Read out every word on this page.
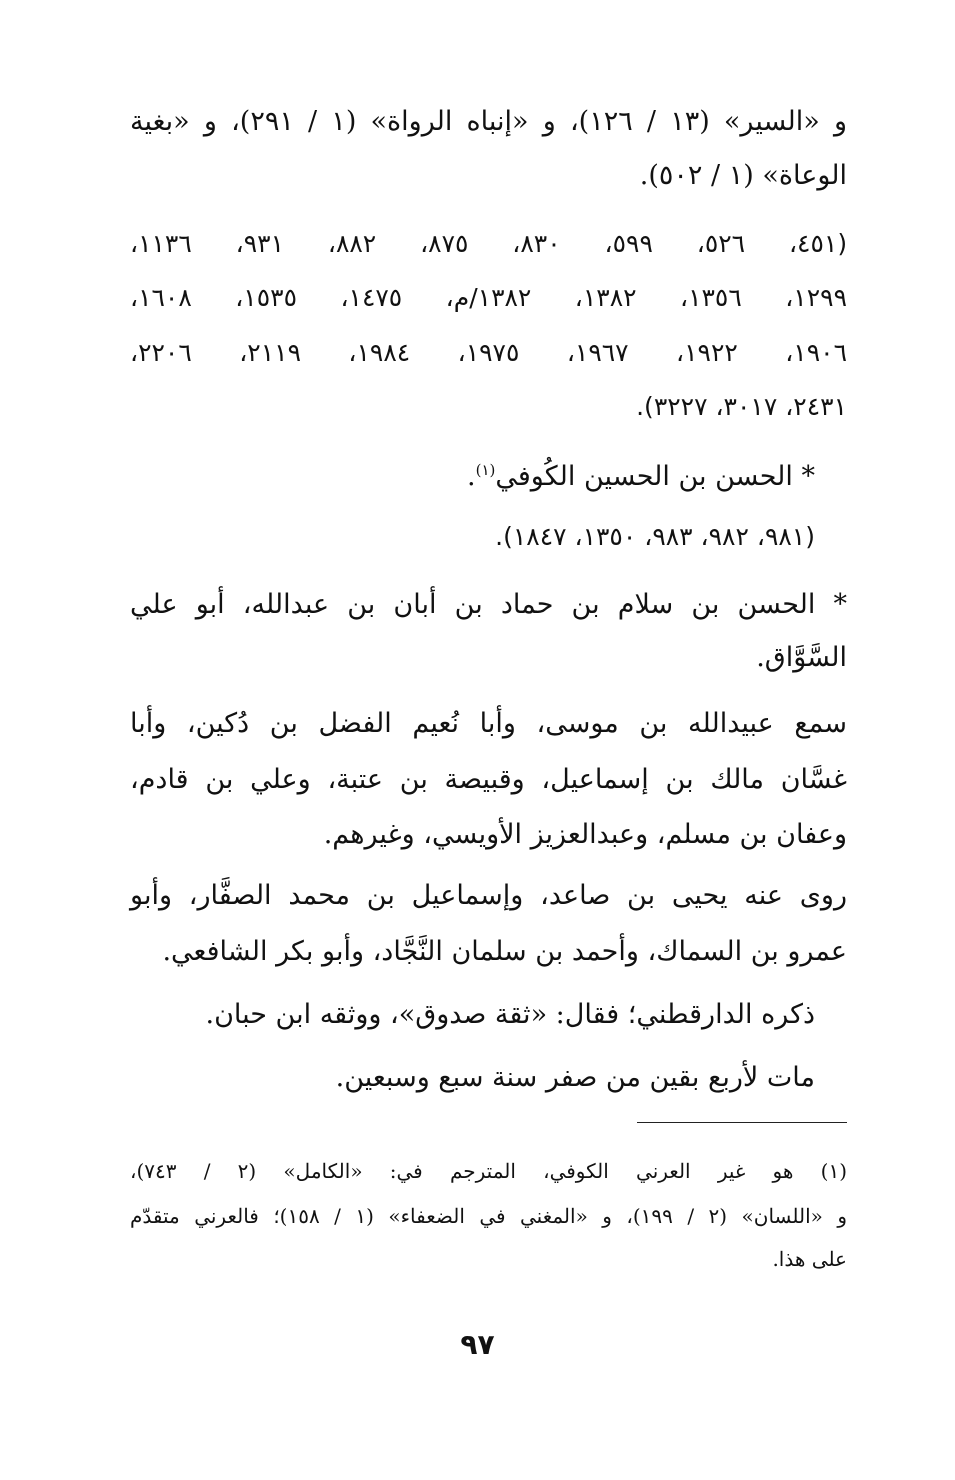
و «السير» (١٣ / ١٢٦)، و «إنباه الرواة» (١ / ٢٩١)، و «بغية
الوعاة» (١ / ٥٠٢).
(٤٥١، ٥٢٦، ٥٩٩، ٨٣٠، ٨٧٥، ٨٨٢، ٩٣١، ١١٣٦،
١٢٩٩، ١٣٥٦، ١٣٨٢، ١٣٨٢/م، ١٤٧٥، ١٥٣٥، ١٦٠٨،
١٩٠٦، ١٩٢٢، ١٩٦٧، ١٩٧٥، ١٩٨٤، ٢١١٩، ٢٢٠٦،
٢٤٣١، ٣٠١٧، ٣٢٢٧).
* الحسن بن الحسين الكُوفي$^{(١)}$.
(٩٨١، ٩٨٢، ٩٨٣، ١٣٥٠، ١٨٤٧).
* الحسن بن سلام بن حماد بن أبان بن عبدالله، أبو علي
السَّوَّاق.
سمع عبيدالله بن موسى، وأبا نُعيم الفضل بن دُكين، وأبا
غسَّان مالك بن إسماعيل، وقبيصة بن عتبة، وعلي بن قادم،
وعفان بن مسلم، وعبدالعزيز الأويسي، وغيرهم.
روى عنه يحيى بن صاعد، وإسماعيل بن محمد الصفَّار، وأبو
عمرو بن السماك، وأحمد بن سلمان النَّجَّاد، وأبو بكر الشافعي.
ذكره الدارقطني؛ فقال: «ثقة صدوق»، ووثقه ابن حبان.
مات لأربع بقين من صفر سنة سبع وسبعين.
(١) هو غير العرني الكوفي، المترجم في: «الكامل» (٢ / ٧٤٣)،
و «اللسان» (٢ / ١٩٩)، و «المغني في الضعفاء» (١ / ١٥٨)؛ فالعرني متقدّم
على هذا.
٩٧
